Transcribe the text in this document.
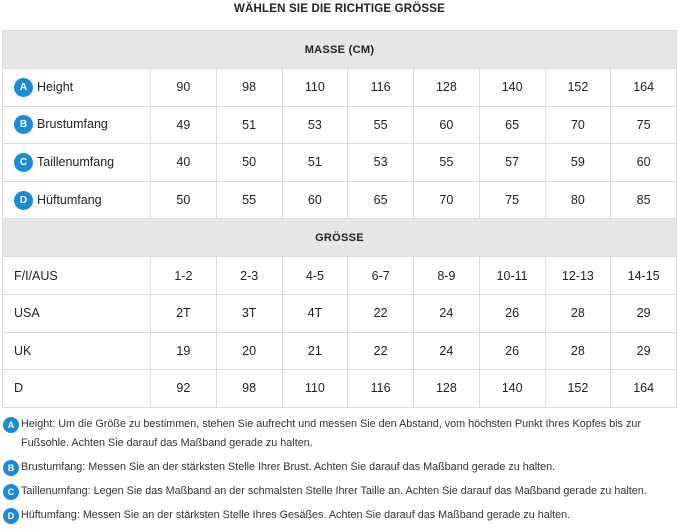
WÄHLEN SIE DIE RICHTIGE GRÖSSE
MASSE (CM)								
A Height	90	98	110	116	128	140	152	164
B Brustumfang	49	51	53	55	60	65	70	75
C Taillenumfang	40	50	51	53	55	57	59	60
D Hüftumfang	50	55	60	65	70	75	80	85
GRÖSSE								
F/I/AUS	1-2	2-3	4-5	6-7	8-9	10-11	12-13	14-15
USA	2T	3T	4T	22	24	26	28	29
UK	19	20	21	22	24	26	28	29
D	92	98	110	116	128	140	152	164
A Height: Um die Größe zu bestimmen, stehen Sie aufrecht und messen Sie den Abstand, vom höchsten Punkt Ihres Kopfes bis zur Fußsohle. Achten Sie darauf das Maßband gerade zu halten.
B Brustumfang: Messen Sie an der stärksten Stelle Ihrer Brust. Achten Sie darauf das Maßband gerade zu halten.
C Taillenumfang: Legen Sie das Maßband an der schmalsten Stelle Ihrer Taille an. Achten Sie darauf das Maßband gerade zu halten.
D Hüftumfang: Messen Sie an der stärksten Stelle Ihres Gesäßes. Achten Sie darauf das Maßband gerade zu halten.
